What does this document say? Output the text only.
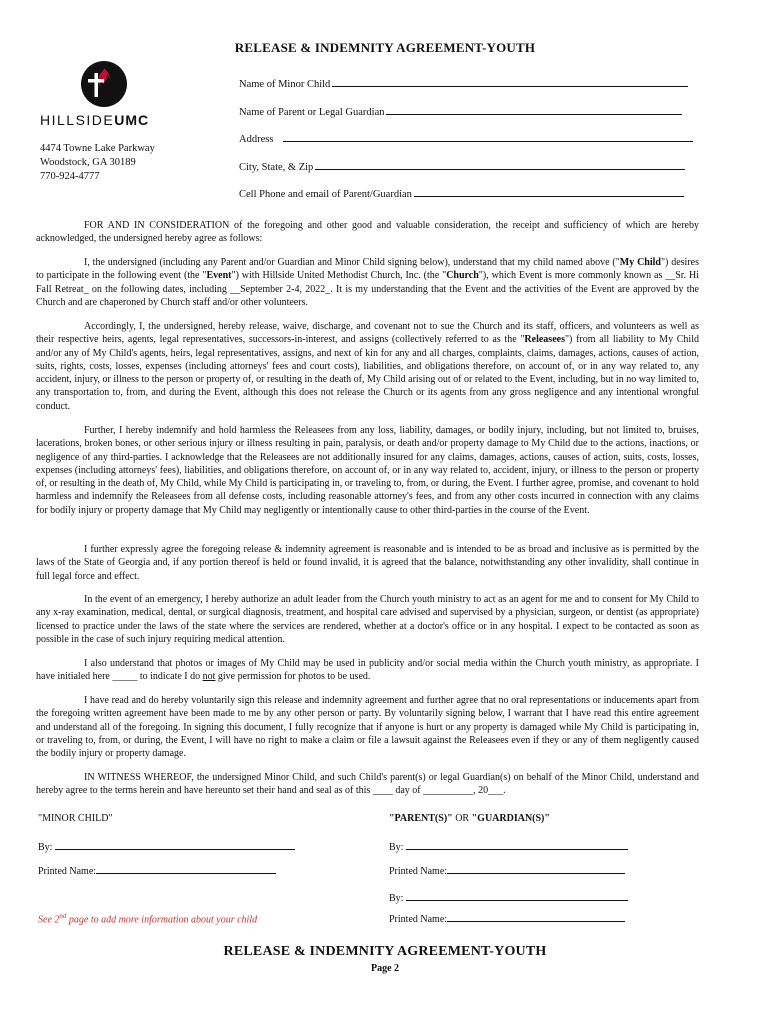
RELEASE & INDEMNITY AGREEMENT-YOUTH
HILLSIDEUMC
4474 Towne Lake Parkway
Woodstock, GA 30189
770-924-4777
Name of Minor Child
Name of Parent or Legal Guardian
Address
City, State, & Zip
Cell Phone and email of Parent/Guardian

FOR AND IN CONSIDERATION of the foregoing and other good and valuable consideration, the receipt and sufficiency of which are hereby acknowledged, the undersigned hereby agree as follows:

I, the undersigned (including any Parent and/or Guardian and Minor Child signing below), understand that my child named above ("My Child") desires to participate in the following event (the "Event") with Hillside United Methodist Church, Inc. (the "Church"), which Event is more commonly known as __Sr. Hi Fall Retreat_ on the following dates, including __September 2-4, 2022_. It is my understanding that the Event and the activities of the Event are approved by the Church and are chaperoned by Church staff and/or other volunteers.

Accordingly, I, the undersigned, hereby release, waive, discharge, and covenant not to sue the Church and its staff, officers, and volunteers as well as their respective heirs, agents, legal representatives, successors-in-interest, and assigns (collectively referred to as the "Releasees") from all liability to My Child and/or any of My Child's agents, heirs, legal representatives, assigns, and next of kin for any and all charges, complaints, claims, damages, actions, causes of action, suits, rights, costs, losses, expenses (including attorneys' fees and court costs), liabilities, and obligations therefore, on account of, or in any way related to, any accident, injury, or illness to the person or property of, or resulting in the death of, My Child arising out of or related to the Event, including, but in no way limited to, any transportation to, from, and during the Event, although this does not release the Church or its agents from any gross negligence and any intentional wrongful conduct.

Further, I hereby indemnify and hold harmless the Releasees from any loss, liability, damages, or bodily injury, including, but not limited to, bruises, lacerations, broken bones, or other serious injury or illness resulting in pain, paralysis, or death and/or property damage to My Child due to the actions, inactions, or negligence of any third-parties. I acknowledge that the Releasees are not additionally insured for any claims, damages, actions, causes of action, suits, costs, losses, expenses (including attorneys' fees), liabilities, and obligations therefore, on account of, or in any way related to, accident, injury, or illness to the person or property of, or resulting in the death of, My Child, while My Child is participating in, or traveling to, from, or during, the Event. I further agree, promise, and covenant to hold harmless and indemnify the Releasees from all defense costs, including reasonable attorney's fees, and from any other costs incurred in connection with any claims for bodily injury or property damage that My Child may negligently or intentionally cause to other third-parties in the course of the Event.

I further expressly agree the foregoing release & indemnity agreement is reasonable and is intended to be as broad and inclusive as is permitted by the laws of the State of Georgia and, if any portion thereof is held or found invalid, it is agreed that the balance, notwithstanding any other invalidity, shall continue in full legal force and effect.

In the event of an emergency, I hereby authorize an adult leader from the Church youth ministry to act as an agent for me and to consent for My Child to any x-ray examination, medical, dental, or surgical diagnosis, treatment, and hospital care advised and supervised by a physician, surgeon, or dentist (as appropriate) licensed to practice under the laws of the state where the services are rendered, whether at a doctor's office or in any hospital. I expect to be contacted as soon as possible in the case of such injury requiring medical attention.

I also understand that photos or images of My Child may be used in publicity and/or social media within the Church youth ministry, as appropriate. I have initialed here _____ to indicate I do not give permission for photos to be used.

I have read and do hereby voluntarily sign this release and indemnity agreement and further agree that no oral representations or inducements apart from the foregoing written agreement have been made to me by any other person or party. By voluntarily signing below, I warrant that I have read this entire agreement and understand all of the foregoing. In signing this document, I fully recognize that if anyone is hurt or any property is damaged while My Child is participating in, or traveling to, from, or during, the Event, I will have no right to make a claim or file a lawsuit against the Releasees even if they or any of them negligently caused the bodily injury or property damage.

IN WITNESS WHEREOF, the undersigned Minor Child, and such Child's parent(s) or legal Guardian(s) on behalf of the Minor Child, understand and hereby agree to the terms herein and have hereunto set their hand and seal as of this ____ day of __________, 20___.

"MINOR CHILD"	"PARENT(S)" OR "GUARDIAN(S)"
By:	By:
Printed Name:	Printed Name:
By:
Printed Name:
See 2nd page to add more information about your child
RELEASE & INDEMNITY AGREEMENT-YOUTH
Page 2
